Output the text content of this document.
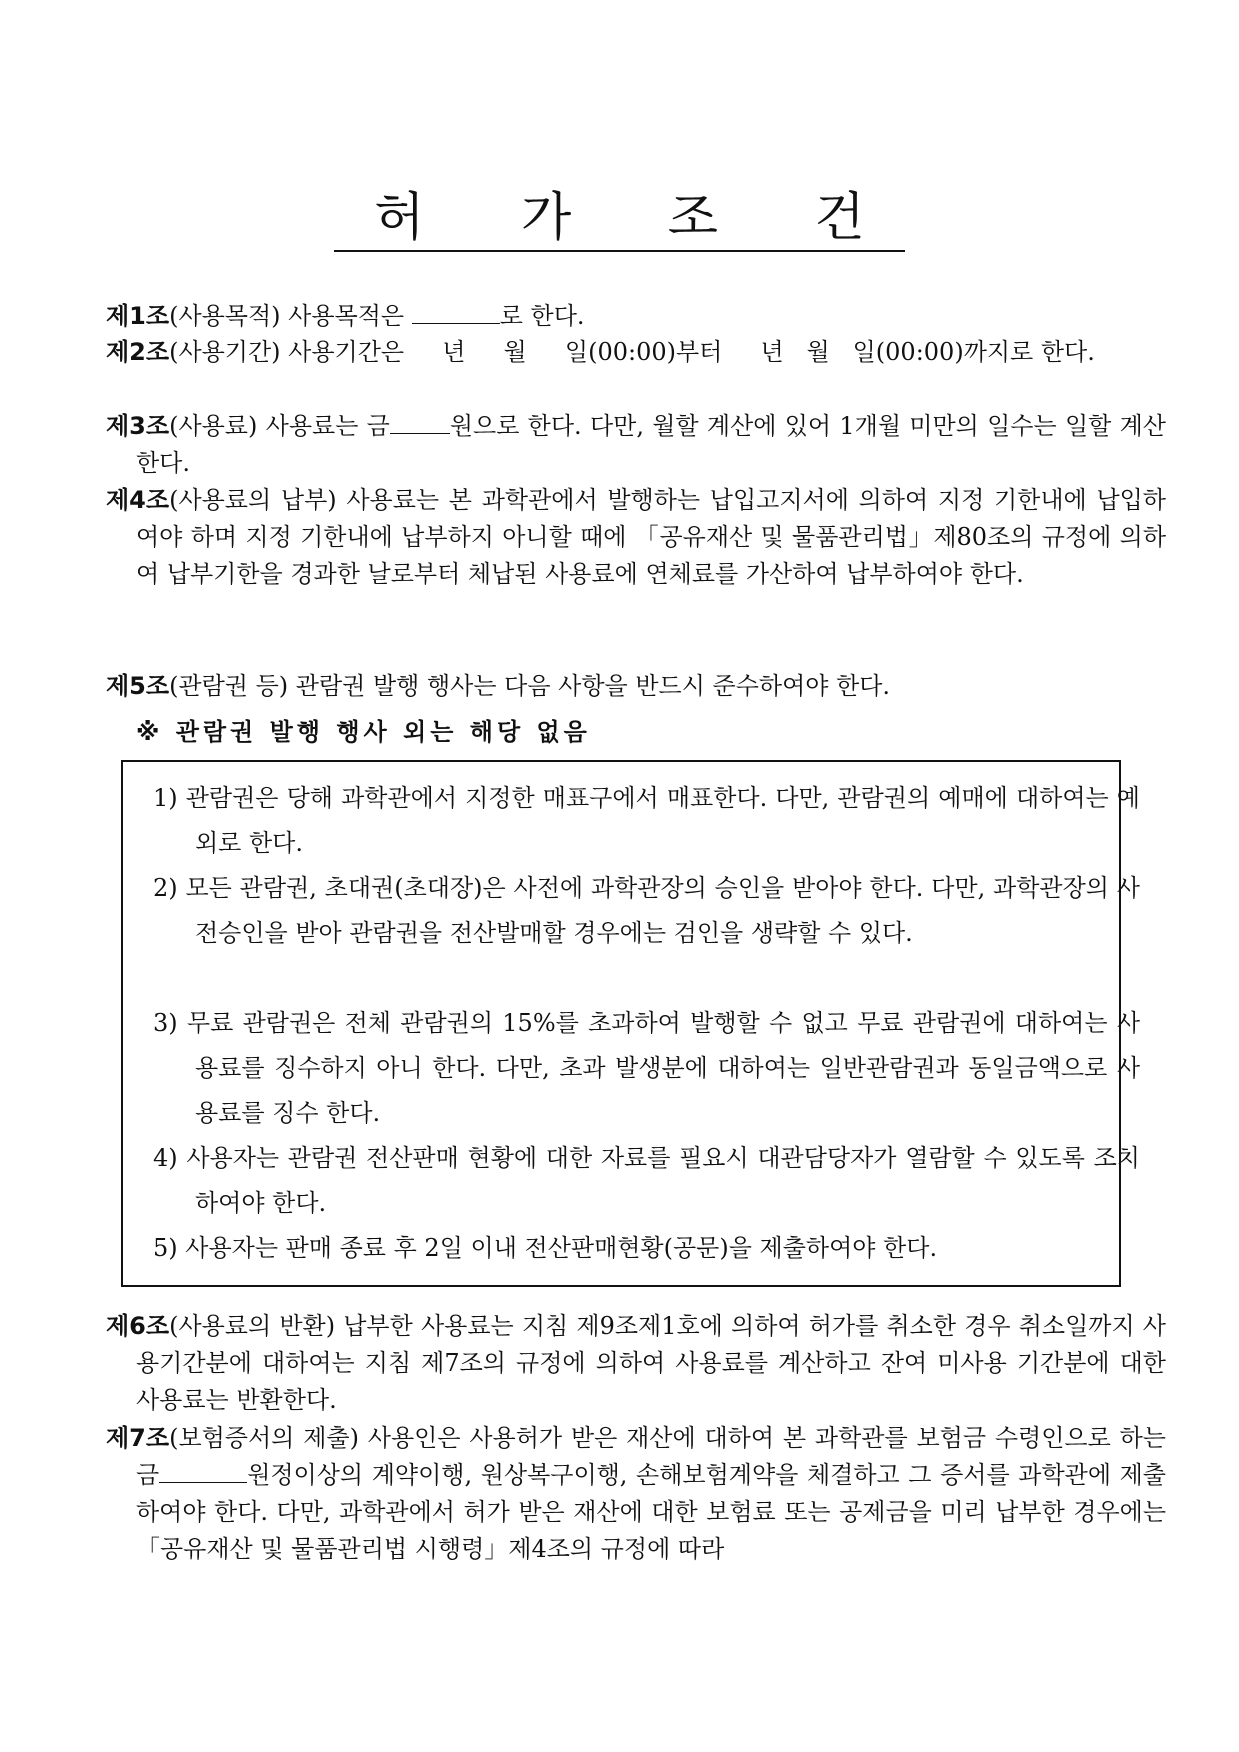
허 가 조 건
제1조(사용목적) 사용목적은	로 한다.
제2조(사용기간) 사용기간은     년     월     일(00:00)부터     년   월   일(00:00)까지로 한다.
제3조(사용료) 사용료는 금	원으로 한다. 다만, 월할 계산에 있어 1개월 미만의 일수는 일할 계산한다.
제4조(사용료의 납부) 사용료는 본 과학관에서 발행하는 납입고지서에 의하여 지정 기한내에 납입하여야 하며 지정 기한내에 납부하지 아니할 때에 「공유재산 및 물품관리법」제80조의 규정에 의하여 납부기한을 경과한 날로부터 체납된 사용료에 연체료를 가산하여 납부하여야 한다.
제5조(관람권 등) 관람권 발행 행사는 다음 사항을 반드시 준수하여야 한다.
※ 관람권 발행 행사 외는 해당 없음
1) 관람권은 당해 과학관에서 지정한 매표구에서 매표한다. 다만, 관람권의 예매에 대하여는 예외로 한다.
2) 모든 관람권, 초대권(초대장)은 사전에 과학관장의 승인을 받아야 한다. 다만, 과학관장의 사전승인을 받아 관람권을 전산발매할 경우에는 검인을 생략할 수 있다.
3) 무료 관람권은 전체 관람권의 15%를 초과하여 발행할 수 없고 무료 관람권에 대하여는 사용료를 징수하지 아니 한다. 다만, 초과 발생분에 대하여는 일반관람권과 동일금액으로 사용료를 징수 한다.
4) 사용자는 관람권 전산판매 현황에 대한 자료를 필요시 대관담당자가 열람할 수 있도록 조치하여야 한다.
5) 사용자는 판매 종료 후 2일 이내 전산판매현황(공문)을 제출하여야 한다.
제6조(사용료의 반환) 납부한 사용료는 지침 제9조제1호에 의하여 허가를 취소한 경우 취소일까지 사용기간분에 대하여는 지침 제7조의 규정에 의하여 사용료를 계산하고 잔여 미사용 기간분에 대한 사용료는 반환한다.
제7조(보험증서의 제출) 사용인은 사용허가 받은 재산에 대하여 본 과학관를 보험금 수령인으로 하는 금	원정이상의 계약이행, 원상복구이행, 손해보험계약을 체결하고 그 증서를 과학관에 제출하여야 한다. 다만, 과학관에서 허가 받은 재산에 대한 보험료 또는 공제금을 미리 납부한 경우에는 「공유재산 및 물품관리법 시행령」제4조의 규정에 따라
